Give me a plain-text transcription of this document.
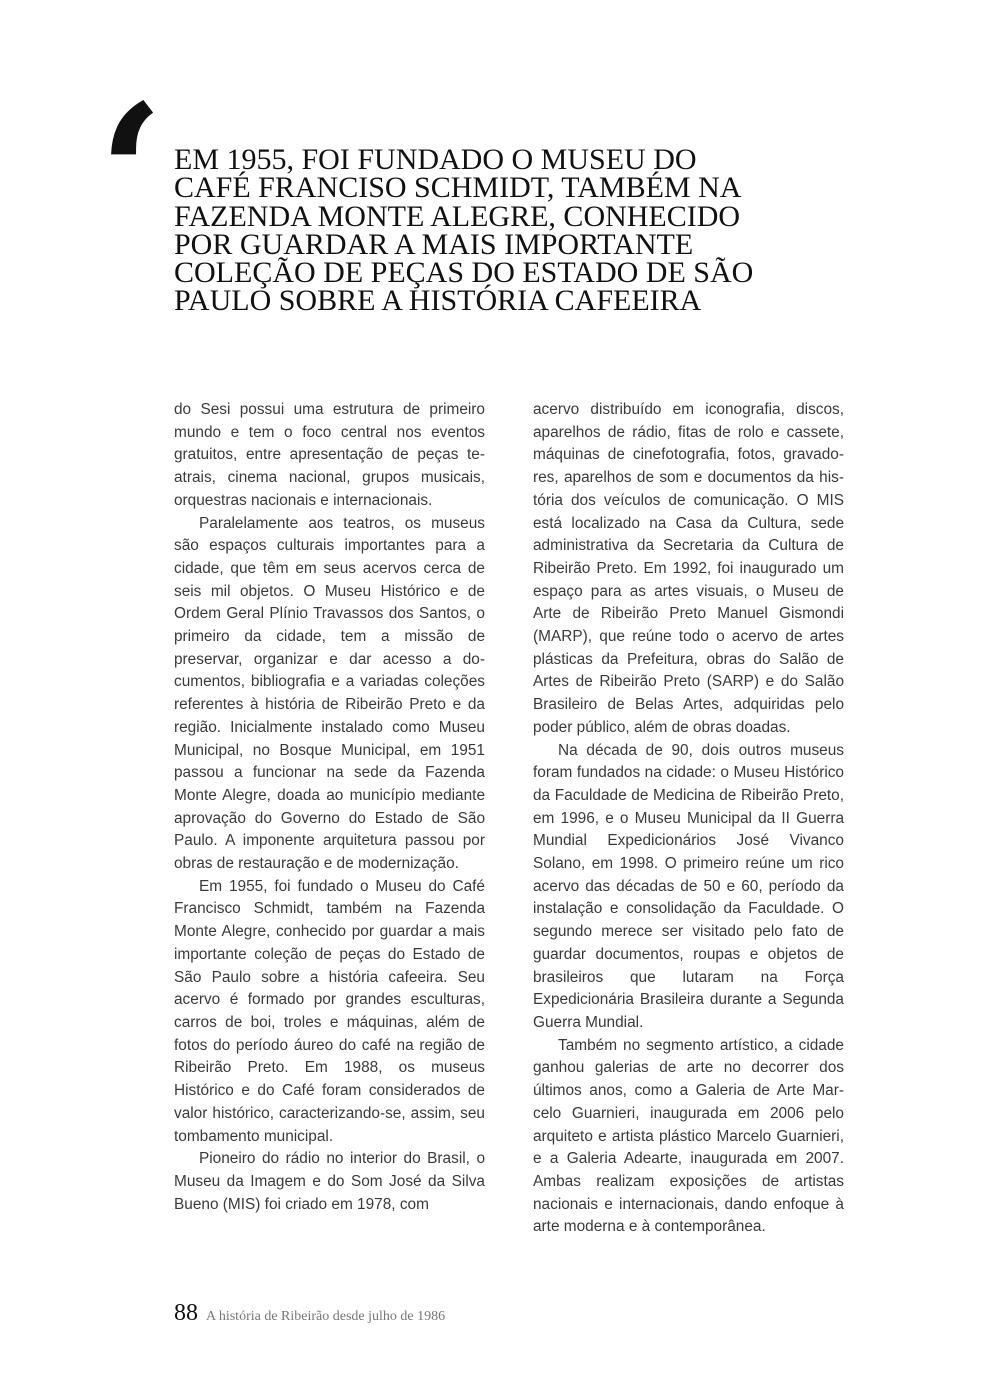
‘ EM 1955, FOI FUNDADO O MUSEU DO
CAFÉ FRANCISO SCHMIDT, TAMBÉM NA
FAZENDA MONTE ALEGRE, CONHECIDO
POR GUARDAR A MAIS IMPORTANTE
COLEÇÃO DE PEÇAS DO ESTADO DE SÃO
PAULO SOBRE A HISTÓRIA CAFEEIRA

do Sesi possui uma estrutura de primeiro mundo e tem o foco central nos eventos gratuitos, entre apresentação de peças teatrais, cinema nacional, grupos musicais, orquestras nacionais e internacionais.

Paralelamente aos teatros, os museus são espaços culturais importantes para a cidade, que têm em seus acervos cerca de seis mil objetos. O Museu Histórico e de Ordem Geral Plínio Travassos dos Santos, o primeiro da cidade, tem a missão de preservar, organizar e dar acesso a documentos, bibliografia e a variadas coleções referentes à história de Ribeirão Preto e da região. Inicialmente instalado como Museu Municipal, no Bosque Municipal, em 1951 passou a funcionar na sede da Fazenda Monte Alegre, doada ao município mediante aprovação do Governo do Estado de São Paulo. A imponente arquitetura passou por obras de restauração e de modernização.

Em 1955, foi fundado o Museu do Café Francisco Schmidt, também na Fazenda Monte Alegre, conhecido por guardar a mais importante coleção de peças do Estado de São Paulo sobre a história cafeeira. Seu acervo é formado por grandes esculturas, carros de boi, troles e máquinas, além de fotos do período áureo do café na região de Ribeirão Preto. Em 1988, os museus Histórico e do Café foram considerados de valor histórico, caracterizando-se, assim, seu tombamento municipal.

Pioneiro do rádio no interior do Brasil, o Museu da Imagem e do Som José da Silva Bueno (MIS) foi criado em 1978, com

acervo distribuído em iconografia, discos, aparelhos de rádio, fitas de rolo e cassete, máquinas de cinefotografia, fotos, gravadores, aparelhos de som e documentos da história dos veículos de comunicação. O MIS está localizado na Casa da Cultura, sede administrativa da Secretaria da Cultura de Ribeirão Preto. Em 1992, foi inaugurado um espaço para as artes visuais, o Museu de Arte de Ribeirão Preto Manuel Gismondi (MARP), que reúne todo o acervo de artes plásticas da Prefeitura, obras do Salão de Artes de Ribeirão Preto (SARP) e do Salão Brasileiro de Belas Artes, adquiridas pelo poder público, além de obras doadas.

Na década de 90, dois outros museus foram fundados na cidade: o Museu Histórico da Faculdade de Medicina de Ribeirão Preto, em 1996, e o Museu Municipal da II Guerra Mundial Expedicionários José Vivanco Solano, em 1998. O primeiro reúne um rico acervo das décadas de 50 e 60, período da instalação e consolidação da Faculdade. O segundo merece ser visitado pelo fato de guardar documentos, roupas e objetos de brasileiros que lutaram na Força Expedicionária Brasileira durante a Segunda Guerra Mundial.

Também no segmento artístico, a cidade ganhou galerias de arte no decorrer dos últimos anos, como a Galeria de Arte Marcelo Guarnieri, inaugurada em 2006 pelo arquiteto e artista plástico Marcelo Guarnieri, e a Galeria Adearte, inaugurada em 2007. Ambas realizam exposições de artistas nacionais e internacionais, dando enfoque à arte moderna e à contemporânea.

88 A história de Ribeirão desde julho de 1986
